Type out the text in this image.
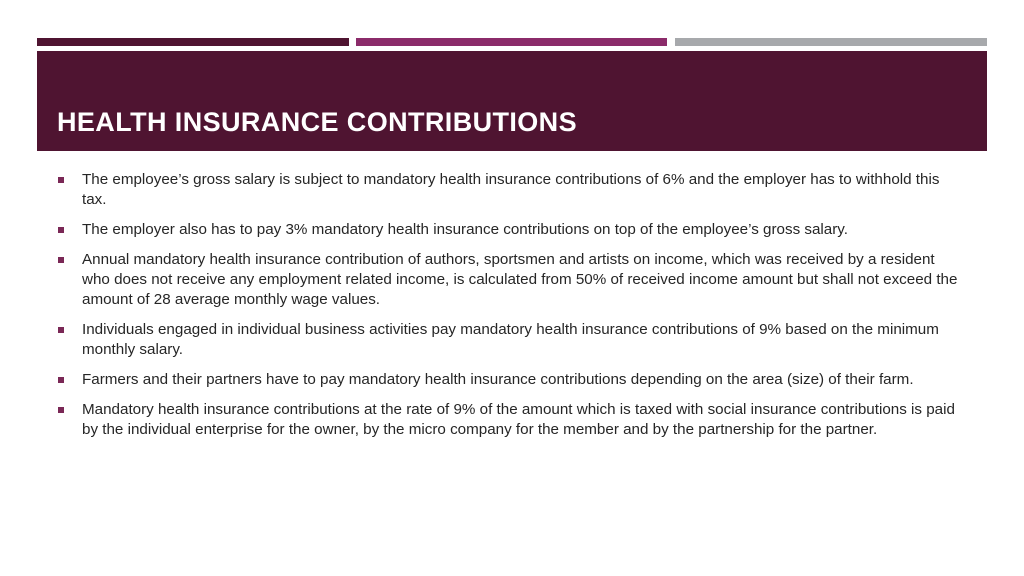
HEALTH INSURANCE CONTRIBUTIONS
The employee’s gross salary is subject to mandatory health insurance contributions of 6% and the employer has to withhold this tax.
The employer also has to pay 3% mandatory health insurance contributions on top of the employee’s gross salary.
Annual mandatory health insurance contribution of authors, sportsmen and artists on income, which was received by a resident who does not receive any employment related income, is calculated from 50% of received income amount but shall not exceed the amount of 28 average monthly wage values.
Individuals engaged in individual business activities pay mandatory health insurance contributions of 9% based on the minimum monthly salary.
Farmers and their partners have to pay mandatory health insurance contributions depending on the area (size) of their farm.
Mandatory health insurance contributions at the rate of 9% of the amount which is taxed with social insurance contributions is paid by the individual enterprise for the owner, by the micro company for the member and by the partnership for the partner.
